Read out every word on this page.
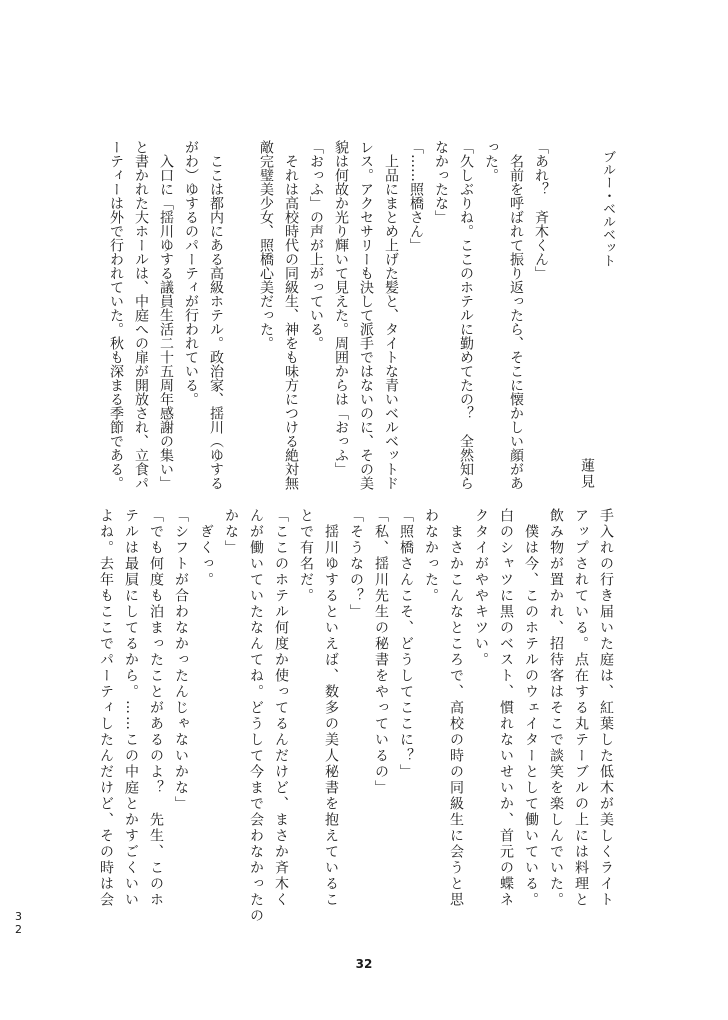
ブルー・ベルベット
蓮見

「あれ？　斉木くん」

　名前を呼ばれて振り返ったら、そこに懐かしい顔があ

った。

「久しぶりね。ここのホテルに勤めてたの？　全然知ら

なかったな」

「……照橋さん」

　上品にまとめ上げた髪と、タイトな青いベルベットド

レス。アクセサリーも決して派手ではないのに、その美

貌は何故か光り輝いて見えた。周囲からは「おっふ」

「おっふ」の声が上がっている。

　それは高校時代の同級生、神をも味方につける絶対無

敵完璧美少女、照橋心美だった。

　ここは都内にある高級ホテル。政治家、揺川（ゆする

がわ）ゆするのパーティが行われている。

　入口に「揺川ゆする議員生活二十五周年感謝の集い」

と書かれた大ホールは、中庭への扉が開放され、立食パ

ーティーは外で行われていた。秋も深まる季節である。

手入れの行き届いた庭は、紅葉した低木が美しくライト

アップされている。点在する丸テーブルの上には料理と

飲み物が置かれ、招待客はそこで談笑を楽しんでいた。

　僕は今、このホテルのウェイターとして働いている。

白のシャツに黒のベスト、慣れないせいか、首元の蝶ネ

クタイがややキツい。

　まさかこんなところで、高校の時の同級生に会うと思

わなかった。

「照橋さんこそ、どうしてここに？」

「私、揺川先生の秘書をやっているの」

「そうなの？」

　揺川ゆするといえば、数多の美人秘書を抱えているこ

とで有名だ。

「ここのホテル何度か使ってるんだけど、まさか斉木く

んが働いていたなんてね。どうして今まで会わなかったの

かな」

　ぎくっ。

「シフトが合わなかったんじゃないかな」

「でも何度も泊まったことがあるのよ？　先生、このホ

テルは最屓にしてるから。……この中庭とかすごくいい

よね。去年もここでパーティしたんだけど、その時は会

32
32
